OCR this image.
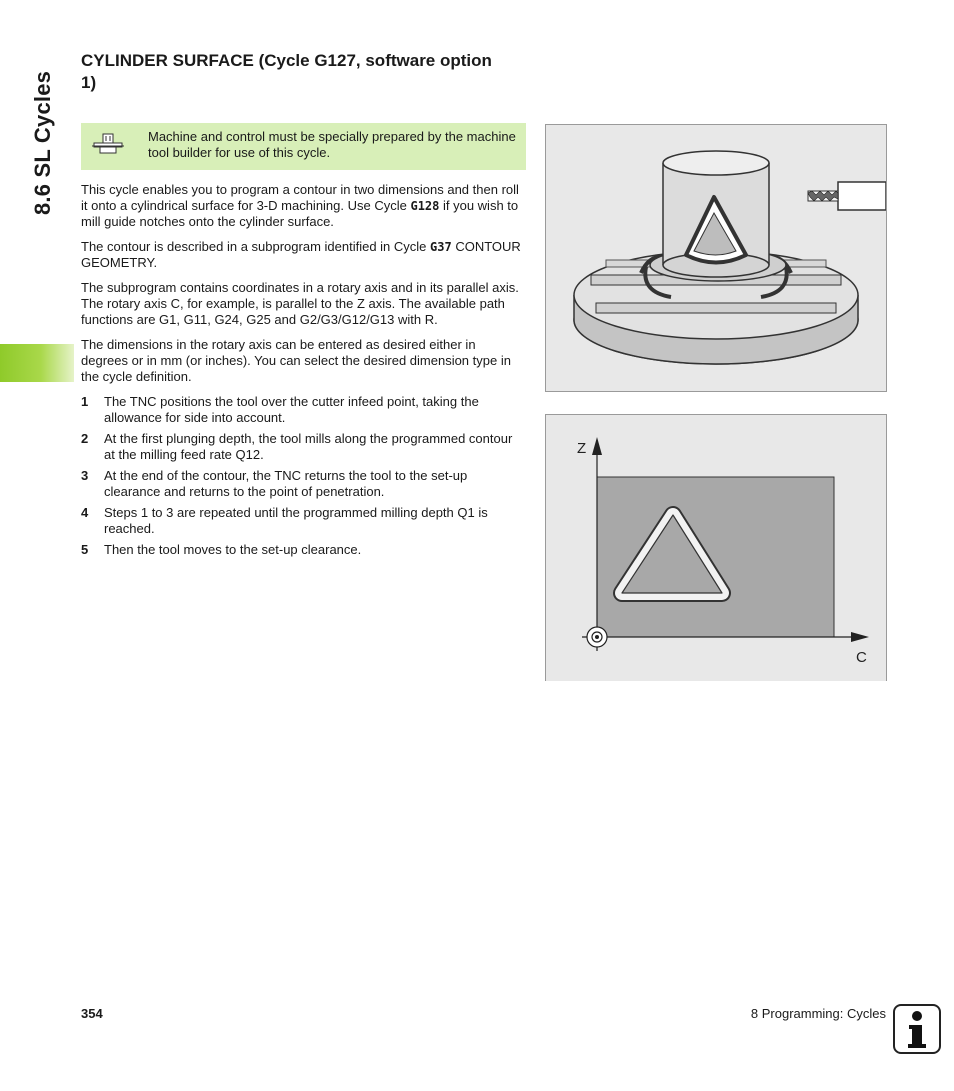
8.6 SL Cycles
CYLINDER SURFACE (Cycle G127, software option 1)
Machine and control must be specially prepared by the machine tool builder for use of this cycle.

This cycle enables you to program a contour in two dimensions and then roll it onto a cylindrical surface for 3-D machining. Use Cycle G128 if you wish to mill guide notches onto the cylinder surface.

The contour is described in a subprogram identified in Cycle G37 CONTOUR GEOMETRY.

The subprogram contains coordinates in a rotary axis and in its parallel axis. The rotary axis C, for example, is parallel to the Z axis. The available path functions are G1, G11, G24, G25 and G2/G3/G12/G13 with R.

The dimensions in the rotary axis can be entered as desired either in degrees or in mm (or inches). You can select the desired dimension type in the cycle definition.

1 The TNC positions the tool over the cutter infeed point, taking the allowance for side into account.
2 At the first plunging depth, the tool mills along the programmed contour at the milling feed rate Q12.
3 At the end of the contour, the TNC returns the tool to the set-up clearance and returns to the point of penetration.
4 Steps 1 to 3 are repeated until the programmed milling depth Q1 is reached.
5 Then the tool moves to the set-up clearance.
Z
C
354	8 Programming: Cycles
